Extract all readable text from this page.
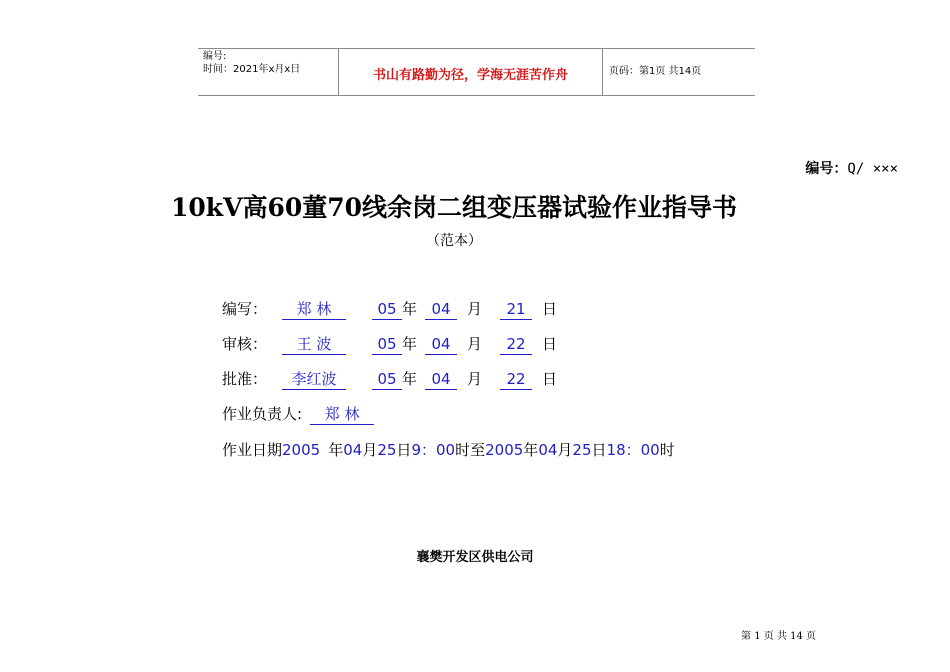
编号:
时间：2021年x月x日	书山有路勤为径，学海无涯苦作舟	页码：第1页 共14页
编号：Q/ ×××
10kV高60董70线余岗二组变压器试验作业指导书
（范本）
编写： 郑 林	05 年 04 月 21 日
审核： 王 波	05 年 04 月 22 日
批准： 李红波	05 年 04 月 22 日
作业负责人: 郑 林
作业日期2005 年04月25日9：00时至2005年04月25日18：00时
襄樊开发区供电公司
第 1 页 共 14 页
